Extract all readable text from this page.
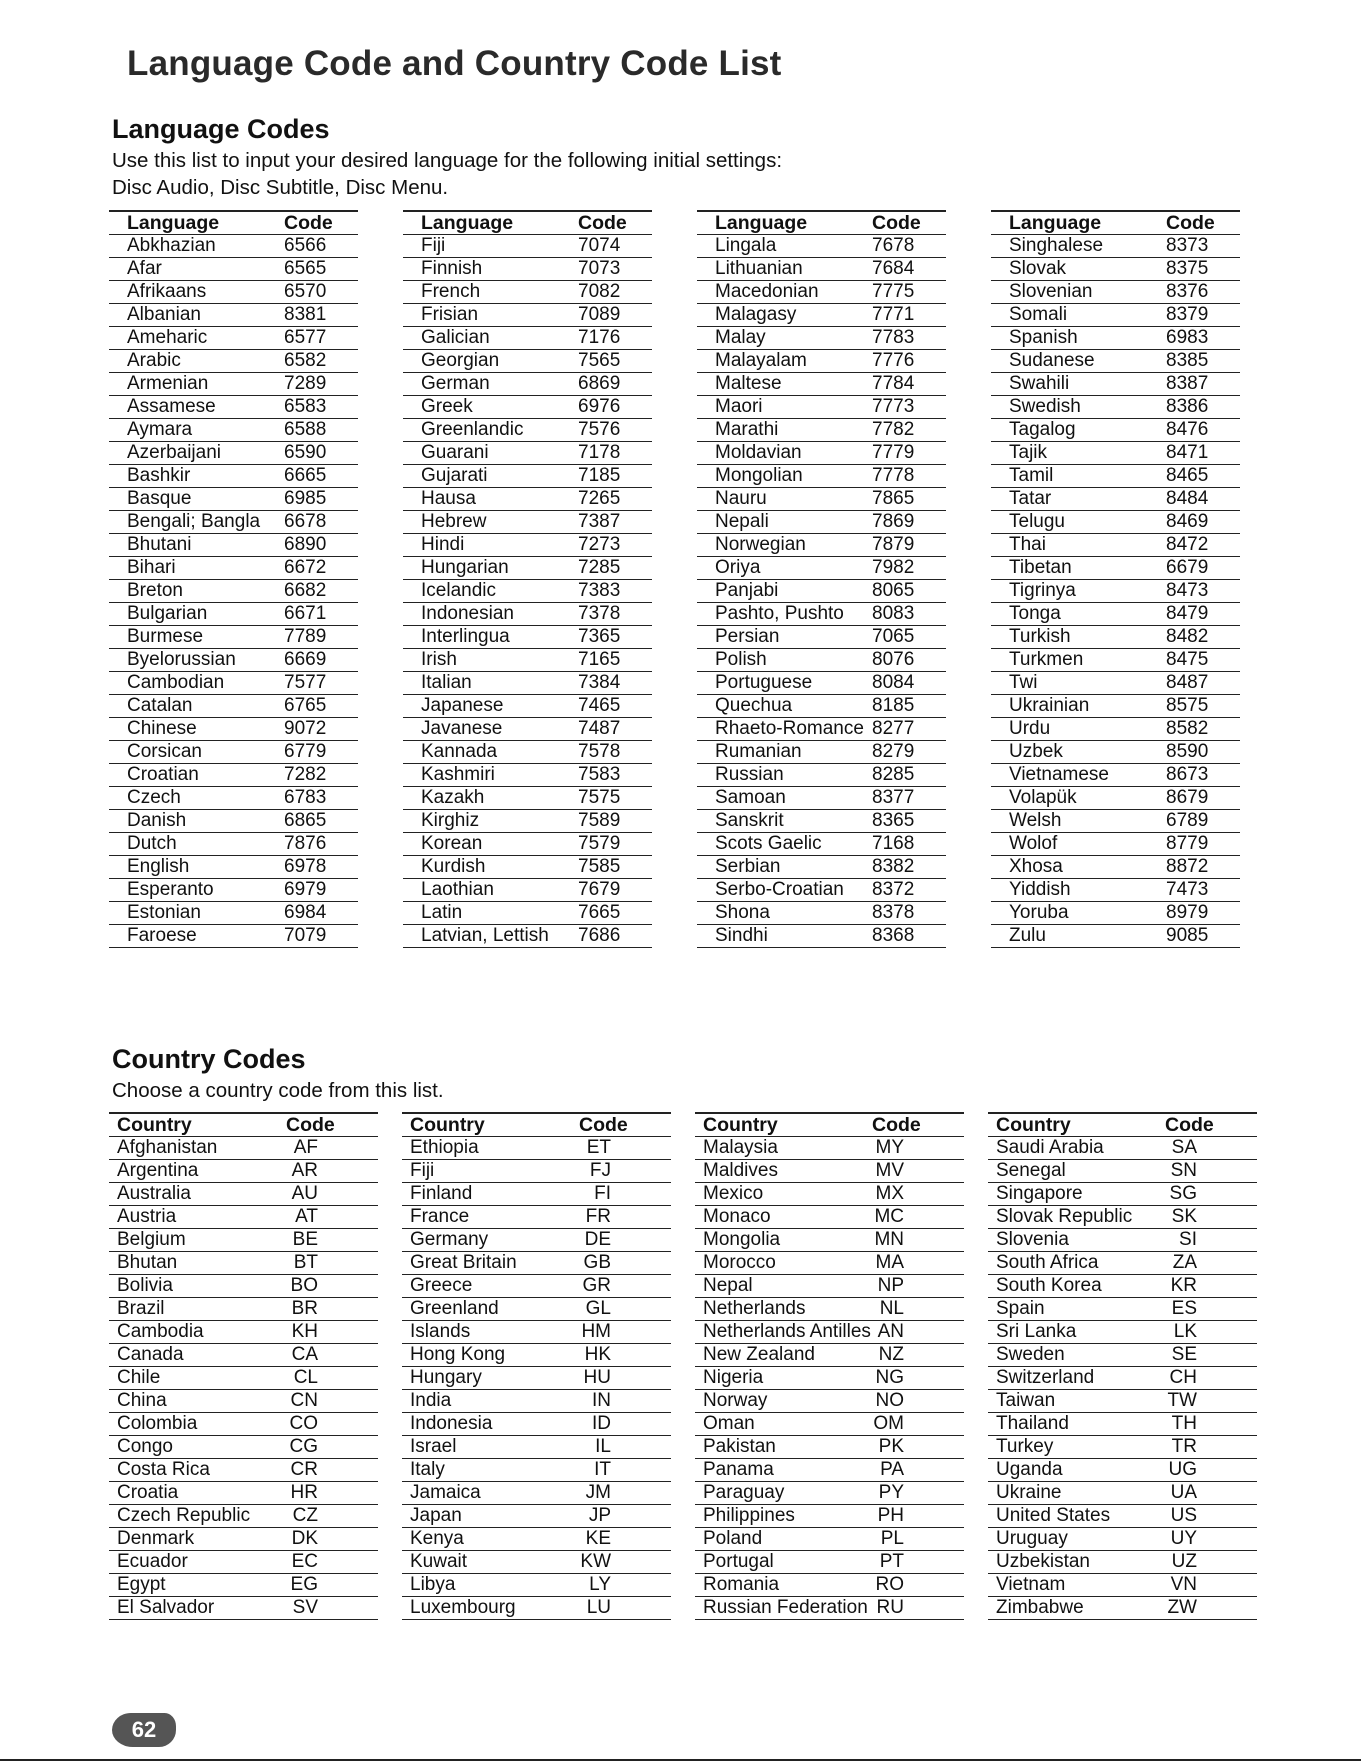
Language Code and Country Code List
Language Codes
Use this list to input your desired language for the following initial settings:
Disc Audio, Disc Subtitle, Disc Menu.
Language	Code		Language	Code		Language	Code		Language	Code
Abkhazian	6566		Fiji	7074		Lingala	7678		Singhalese	8373
Afar	6565		Finnish	7073		Lithuanian	7684		Slovak	8375
Afrikaans	6570		French	7082		Macedonian	7775		Slovenian	8376
Albanian	8381		Frisian	7089		Malagasy	7771		Somali	8379
Ameharic	6577		Galician	7176		Malay	7783		Spanish	6983
Arabic	6582		Georgian	7565		Malayalam	7776		Sudanese	8385
Armenian	7289		German	6869		Maltese	7784		Swahili	8387
Assamese	6583		Greek	6976		Maori	7773		Swedish	8386
Aymara	6588		Greenlandic	7576		Marathi	7782		Tagalog	8476
Azerbaijani	6590		Guarani	7178		Moldavian	7779		Tajik	8471
Bashkir	6665		Gujarati	7185		Mongolian	7778		Tamil	8465
Basque	6985		Hausa	7265		Nauru	7865		Tatar	8484
Bengali; Bangla	6678		Hebrew	7387		Nepali	7869		Telugu	8469
Bhutani	6890		Hindi	7273		Norwegian	7879		Thai	8472
Bihari	6672		Hungarian	7285		Oriya	7982		Tibetan	6679
Breton	6682		Icelandic	7383		Panjabi	8065		Tigrinya	8473
Bulgarian	6671		Indonesian	7378		Pashto, Pushto	8083		Tonga	8479
Burmese	7789		Interlingua	7365		Persian	7065		Turkish	8482
Byelorussian	6669		Irish	7165		Polish	8076		Turkmen	8475
Cambodian	7577		Italian	7384		Portuguese	8084		Twi	8487
Catalan	6765		Japanese	7465		Quechua	8185		Ukrainian	8575
Chinese	9072		Javanese	7487		Rhaeto-Romance	8277		Urdu	8582
Corsican	6779		Kannada	7578		Rumanian	8279		Uzbek	8590
Croatian	7282		Kashmiri	7583		Russian	8285		Vietnamese	8673
Czech	6783		Kazakh	7575		Samoan	8377		Volapük	8679
Danish	6865		Kirghiz	7589		Sanskrit	8365		Welsh	6789
Dutch	7876		Korean	7579		Scots Gaelic	7168		Wolof	8779
English	6978		Kurdish	7585		Serbian	8382		Xhosa	8872
Esperanto	6979		Laothian	7679		Serbo-Croatian	8372		Yiddish	7473
Estonian	6984		Latin	7665		Shona	8378		Yoruba	8979
Faroese	7079		Latvian, Lettish	7686		Sindhi	8368		Zulu	9085
Country Codes
Choose a country code from this list.
Country	Code		Country	Code		Country	Code		Country	Code
Afghanistan	AF		Ethiopia	ET		Malaysia	MY		Saudi Arabia	SA
Argentina	AR		Fiji	FJ		Maldives	MV		Senegal	SN
Australia	AU		Finland	FI		Mexico	MX		Singapore	SG
Austria	AT		France	FR		Monaco	MC		Slovak Republic	SK
Belgium	BE		Germany	DE		Mongolia	MN		Slovenia	SI
Bhutan	BT		Great Britain	GB		Morocco	MA		South Africa	ZA
Bolivia	BO		Greece	GR		Nepal	NP		South Korea	KR
Brazil	BR		Greenland	GL		Netherlands	NL		Spain	ES
Cambodia	KH		Islands	HM		Netherlands Antilles	AN		Sri Lanka	LK
Canada	CA		Hong Kong	HK		New Zealand	NZ		Sweden	SE
Chile	CL		Hungary	HU		Nigeria	NG		Switzerland	CH
China	CN		India	IN		Norway	NO		Taiwan	TW
Colombia	CO		Indonesia	ID		Oman	OM		Thailand	TH
Congo	CG		Israel	IL		Pakistan	PK		Turkey	TR
Costa Rica	CR		Italy	IT		Panama	PA		Uganda	UG
Croatia	HR		Jamaica	JM		Paraguay	PY		Ukraine	UA
Czech Republic	CZ		Japan	JP		Philippines	PH		United States	US
Denmark	DK		Kenya	KE		Poland	PL		Uruguay	UY
Ecuador	EC		Kuwait	KW		Portugal	PT		Uzbekistan	UZ
Egypt	EG		Libya	LY		Romania	RO		Vietnam	VN
El Salvador	SV		Luxembourg	LU		Russian Federation	RU		Zimbabwe	ZW
62
